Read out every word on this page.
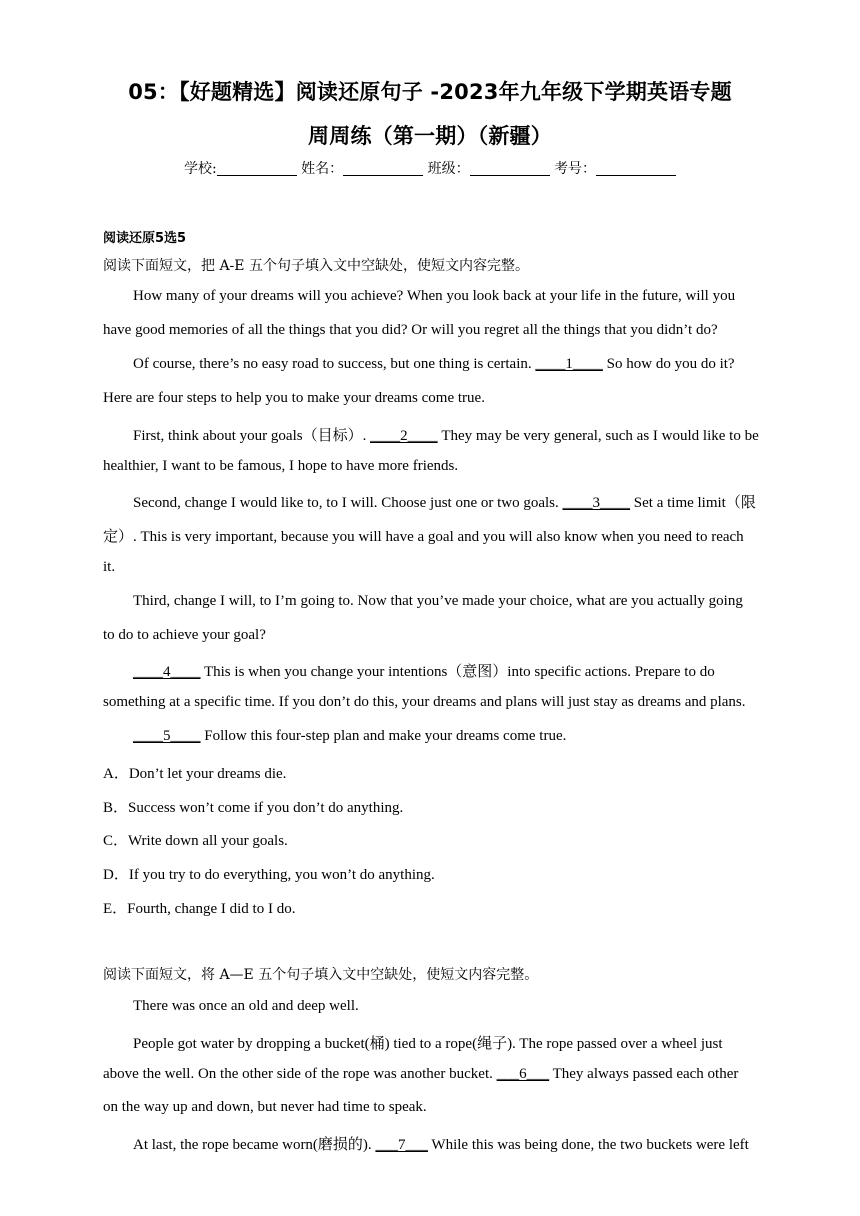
05：【好题精选】阅读还原句子 -2023年九年级下学期英语专题
周周练（第一期）（新疆）
学校:	姓名：	班级：	考号：
阅读还原5选5
阅读下面短文，把 A-E 五个句子填入文中空缺处，使短文内容完整。
How many of your dreams will you achieve? When you look back at your life in the future, will you
have good memories of all the things that you did? Or will you regret all the things that you didn’t do?
Of course, there’s no easy road to success, but one thing is certain. ____1____ So how do you do it?
Here are four steps to help you to make your dreams come true.
First, think about your goals（目标）. ____2____ They may be very general, such as I would like to be
healthier, I want to be famous, I hope to have more friends.
Second, change I would like to, to I will. Choose just one or two goals. ____3____ Set a time limit（限
定）. This is very important, because you will have a goal and you will also know when you need to reach
it.
Third, change I will, to I’m going to. Now that you’ve made your choice, what are you actually going
to do to achieve your goal?
____4____ This is when you change your intentions（意图）into specific actions. Prepare to do
something at a specific time. If you don’t do this, your dreams and plans will just stay as dreams and plans.
____5____ Follow this four-step plan and make your dreams come true.
A．Don’t let your dreams die.
B．Success won’t come if you don’t do anything.
C．Write down all your goals.
D．If you try to do everything, you won’t do anything.
E．Fourth, change I did to I do.
阅读下面短文，将 A—E 五个句子填入文中空缺处，使短文内容完整。
There was once an old and deep well.
People got water by dropping a bucket(桶) tied to a rope(绳子). The rope passed over a wheel just
above the well. On the other side of the rope was another bucket. ___6___ They always passed each other
on the way up and down, but never had time to speak.
At last, the rope became worn(磨损的). ___7___ While this was being done, the two buckets were left
